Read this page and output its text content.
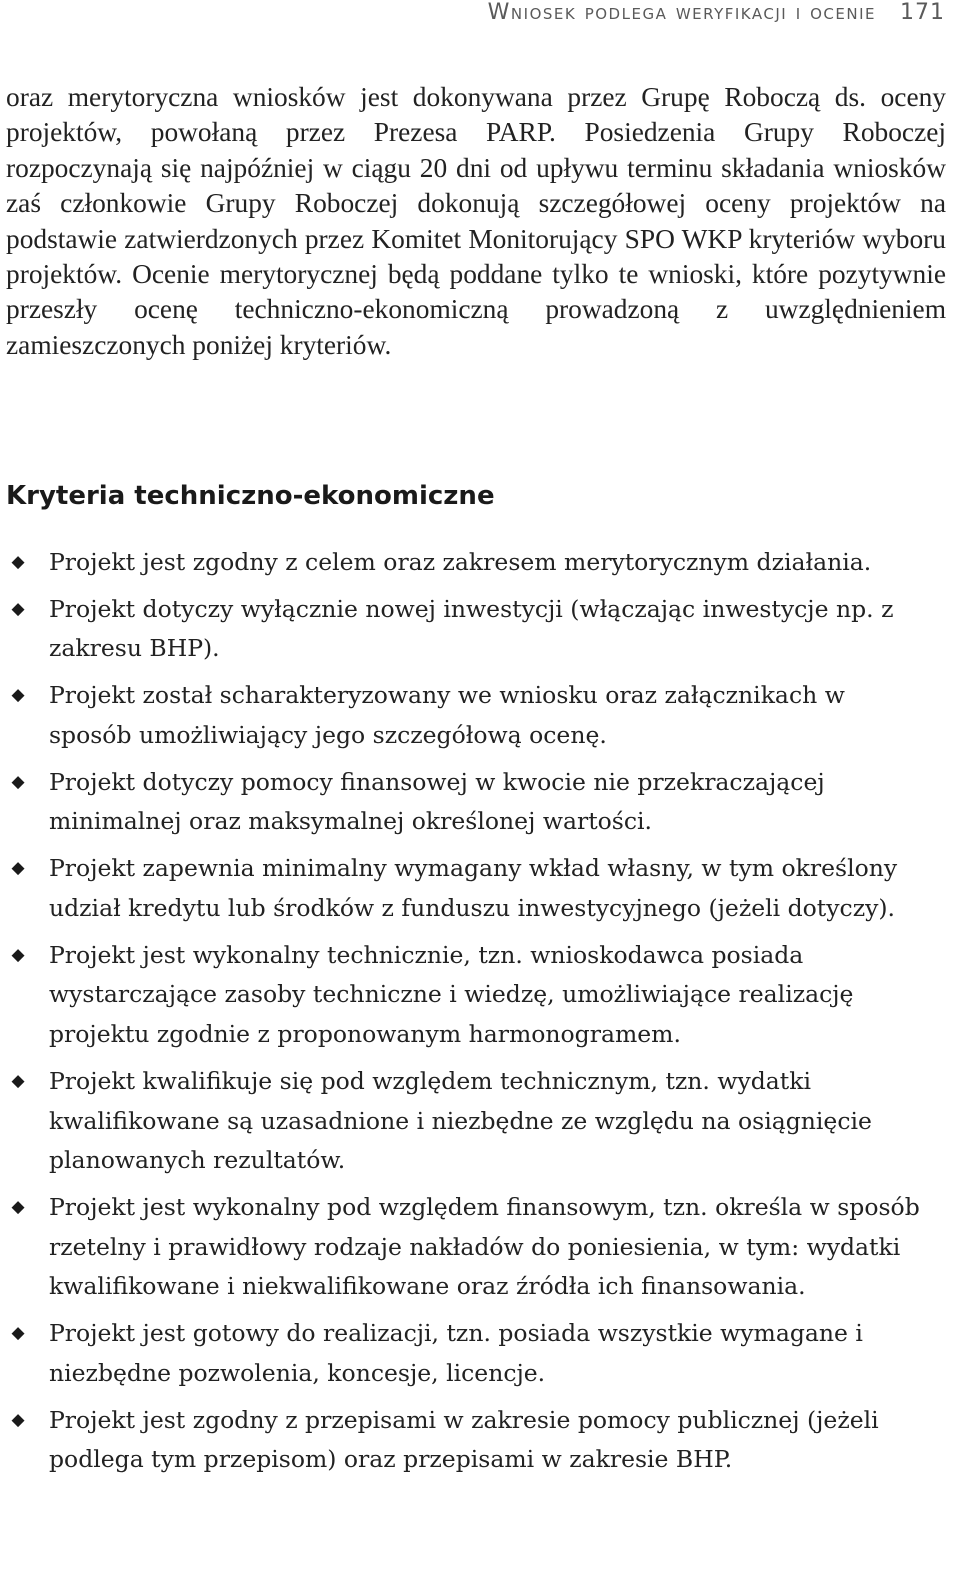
Wniosek podlega weryfikacji i ocenie 171

oraz merytoryczna wniosków jest dokonywana przez Grupę Roboczą ds. oceny projektów, powołaną przez Prezesa PARP. Posiedzenia Grupy Roboczej rozpoczynają się najpóźniej w ciągu 20 dni od upływu terminu składania wniosków zaś członkowie Grupy Roboczej dokonują szczegółowej oceny projektów na podstawie zatwierdzonych przez Komitet Monitorujący SPO WKP kryteriów wyboru projektów. Ocenie merytorycznej będą poddane tylko te wnioski, które pozytywnie przeszły ocenę techniczno-ekonomiczną prowadzoną z uwzględnieniem zamieszczonych poniżej kryteriów.

Kryteria techniczno-ekonomiczne
◆ Projekt jest zgodny z celem oraz zakresem merytorycznym działania.
◆ Projekt dotyczy wyłącznie nowej inwestycji (włączając inwestycje np. z zakresu BHP).
◆ Projekt został scharakteryzowany we wniosku oraz załącznikach w sposób umożliwiający jego szczegółową ocenę.
◆ Projekt dotyczy pomocy finansowej w kwocie nie przekraczającej minimalnej oraz maksymalnej określonej wartości.
◆ Projekt zapewnia minimalny wymagany wkład własny, w tym określony udział kredytu lub środków z funduszu inwestycyjnego (jeżeli dotyczy).
◆ Projekt jest wykonalny technicznie, tzn. wnioskodawca posiada wystarczające zasoby techniczne i wiedzę, umożliwiające realizację projektu zgodnie z proponowanym harmonogramem.
◆ Projekt kwalifikuje się pod względem technicznym, tzn. wydatki kwalifikowane są uzasadnione i niezbędne ze względu na osiągnięcie planowanych rezultatów.
◆ Projekt jest wykonalny pod względem finansowym, tzn. określa w sposób rzetelny i prawidłowy rodzaje nakładów do poniesienia, w tym: wydatki kwalifikowane i niekwalifikowane oraz źródła ich finansowania.
◆ Projekt jest gotowy do realizacji, tzn. posiada wszystkie wymagane i niezbędne pozwolenia, koncesje, licencje.
◆ Projekt jest zgodny z przepisami w zakresie pomocy publicznej (jeżeli podlega tym przepisom) oraz przepisami w zakresie BHP.
